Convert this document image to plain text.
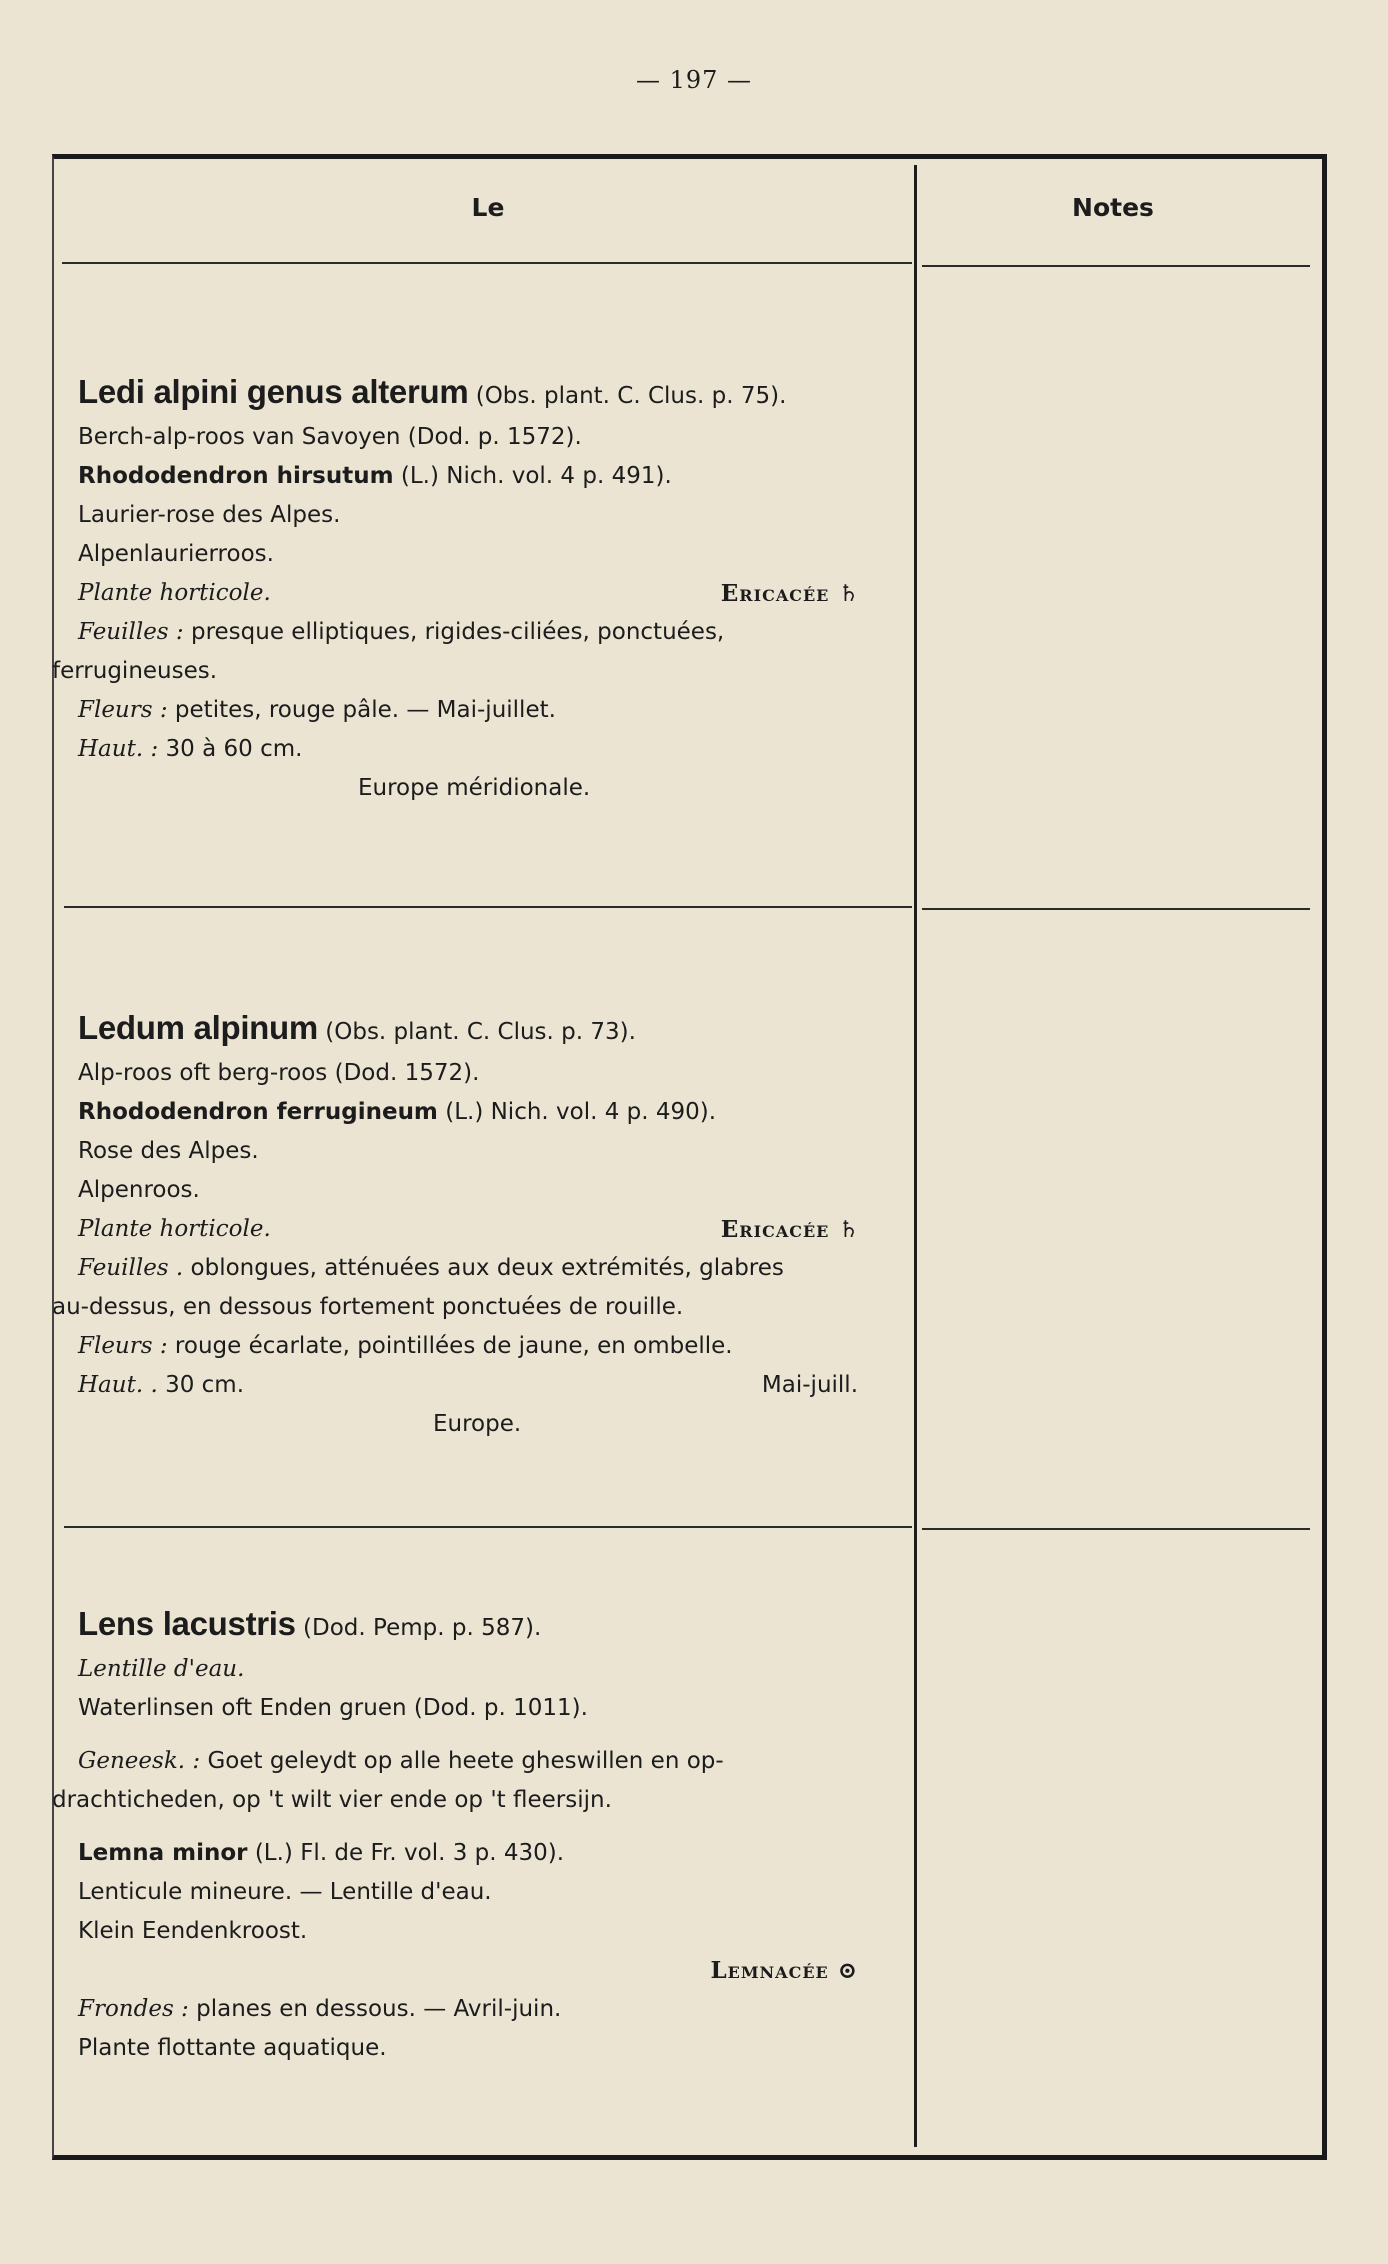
— 197 —
Le	Notes
Ledi alpini genus alterum (Obs. plant. C. Clus. p. 75).
Berch-alp-roos van Savoyen (Dod. p. 1572).
Rhododendron hirsutum (L.) Nich. vol. 4 p. 491).
Laurier-rose des Alpes.
Alpenlaurierroos.
Plante horticole.	Ericacée ♄
Feuilles : presque elliptiques, rigides-ciliées, ponctuées,
ferrugineuses.
Fleurs : petites, rouge pâle. — Mai-juillet.
Haut. : 30 à 60 cm.
Europe méridionale.
Ledum alpinum (Obs. plant. C. Clus. p. 73).
Alp-roos oft berg-roos (Dod. 1572).
Rhododendron ferrugineum (L.) Nich. vol. 4 p. 490).
Rose des Alpes.
Alpenroos.
Plante horticole.	Ericacée ♄
Feuilles . oblongues, atténuées aux deux extrémités, glabres
au-dessus, en dessous fortement ponctuées de rouille.
Fleurs : rouge écarlate, pointillées de jaune, en ombelle.
Haut. . 30 cm.	Mai-juill.
Europe.
Lens lacustris (Dod. Pemp. p. 587).
Lentille d'eau.
Waterlinsen oft Enden gruen (Dod. p. 1011).
Geneesk. : Goet geleydt op alle heete gheswillen en op-
drachticheden, op 't wilt vier ende op 't fleersijn.
Lemna minor (L.) Fl. de Fr. vol. 3 p. 430).
Lenticule mineure. — Lentille d'eau.
Klein Eendenkroost.
Lemnacée ⊙
Frondes : planes en dessous. — Avril-juin.
Plante flottante aquatique.
